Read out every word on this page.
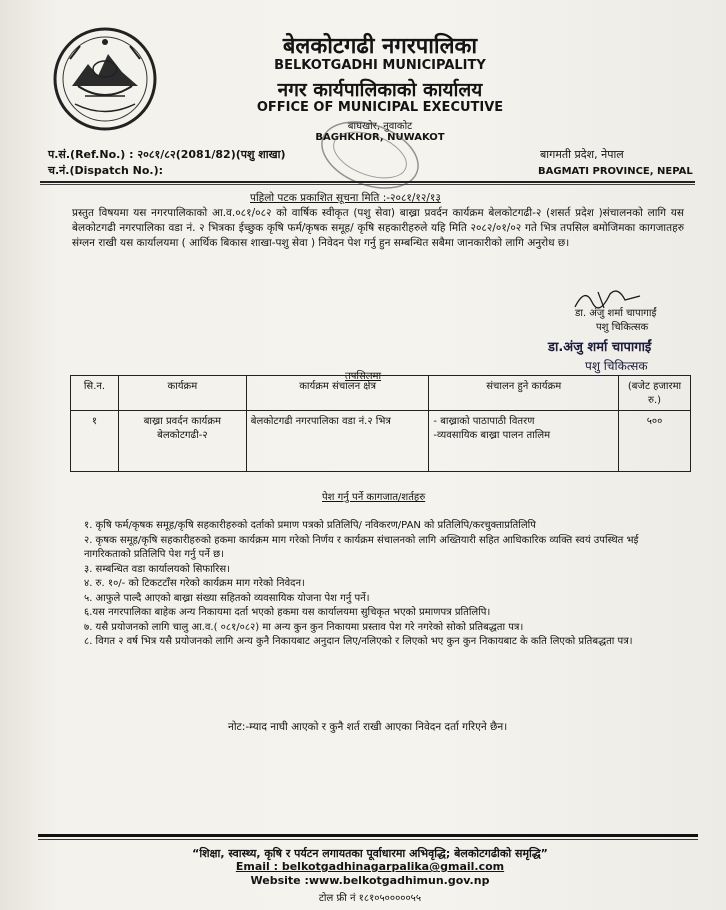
बेलकोटगढी नगरपालिका
BELKOTGADHI MUNICIPALITY
नगर कार्यपालिकाको कार्यालय
OFFICE OF MUNICIPAL EXECUTIVE
बाघखोर, नुवाकोट
BAGHKHOR, NUWAKOT
प.सं.(Ref.No.) : २०८१/८२(2081/82)(पशु शाखा)
च.नं.(Dispatch No.):
बागमती प्रदेश, नेपाल
BAGMATI PROVINCE, NEPAL
पहिलो पटक प्रकाशित सूचना मिति :-२०८१/१२/१३
प्रस्तुत विषयमा यस नगरपालिकाको आ.व.०८१/०८२ को वार्षिक स्वीकृत (पशु सेवा) बाख्रा प्रवर्दन कार्यक्रम बेलकोटगढी-२ (शसर्त प्रदेश )संचालनको लागि यस बेलकोटगढी नगरपालिका वडा नं. २ भित्रका ईच्छुक कृषि फर्म/कृषक समूह/ कृषि सहकारीहरुले यहि मिति २०८२/०१/०२ गते भित्र तपसिल बमोजिमका कागजातहरु संग्लन राखी यस कार्यालयमा ( आर्थिक बिकास शाखा-पशु सेवा ) निवेदन पेश गर्नु हुन सम्बन्धित सबैमा जानकारीको लागि अनुरोध छ।
डा. अंजु शर्मा चापागाईं
पशु चिकित्सक
डा.अंजु शर्मा चापागाईं
पशु चिकित्सक
तपसिलमा
सि.न.	कार्यक्रम	कार्यक्रम संचालन क्षेत्र	संचालन हुने कार्यक्रम	(बजेट हजारमा रु.)
१	बाख्रा प्रवर्दन कार्यक्रम बेलकोटगढी-२	बेलकोटगढी नगरपालिका वडा नं.२ भित्र	- बाख्राको पाठापाठी वितरण
-व्यवसायिक बाख्रा पालन तालिम	५००
पेश गर्नु पर्ने कागजात/शर्तहरु
१. कृषि फर्म/कृषक समूह/कृषि सहकारीहरुको दर्ताको प्रमाण पत्रको प्रतिलिपि/ नविकरण/PAN को प्रतिलिपि/करचुक्ताप्रतिलिपि
२. कृषक समूह/कृषि सहकारीहरुको हकमा कार्यक्रम माग गरेको निर्णय र कार्यक्रम संचालनको लागि अख्तियारी सहित आधिकारिक व्यक्ति स्वयं उपस्थित भई नागरिकताको प्रतिलिपि पेश गर्नु पर्ने छ।
३. सम्बन्धित वडा कार्यालयको सिफारिस।
४. रु. १०/- को टिकटटाँस गरेको कार्यक्रम माग गरेको निवेदन।
५. आफुले पाल्दै आएको बाख्रा संख्या सहितको व्यवसायिक योजना पेश गर्नु पर्ने।
६.यस नगरपालिका बाहेक अन्य निकायमा दर्ता भएको हकमा यस कार्यालयमा सुचिकृत भएको प्रमाणपत्र प्रतिलिपि।
७. यसै प्रयोजनको लागि चालु आ.व.( ०८१/०८२) मा अन्य कुन कुन निकायमा प्रस्ताव पेश गरे नगरेको सोको प्रतिबद्धता पत्र।
८. विगत २ वर्ष भित्र यसै प्रयोजनको लागि अन्य कुनै निकायबाट अनुदान लिए/नलिएको र लिएको भए कुन कुन निकायबाट के कति लिएको प्रतिबद्धता पत्र।
नोट:-म्याद नाघी आएको र कुनै शर्त राखी आएका निवेदन दर्ता गरिएने छैन।
“शिक्षा, स्वास्थ्य, कृषि र पर्यटन लगायतका पूर्वाधारमा अभिवृद्धि; बेलकोटगढीको समृद्धि”
Email : belkotgadhinagarpalika@gmail.com
Website :www.belkotgadhimun.gov.np
टोल फ्री नं १८१०५०००००५५
